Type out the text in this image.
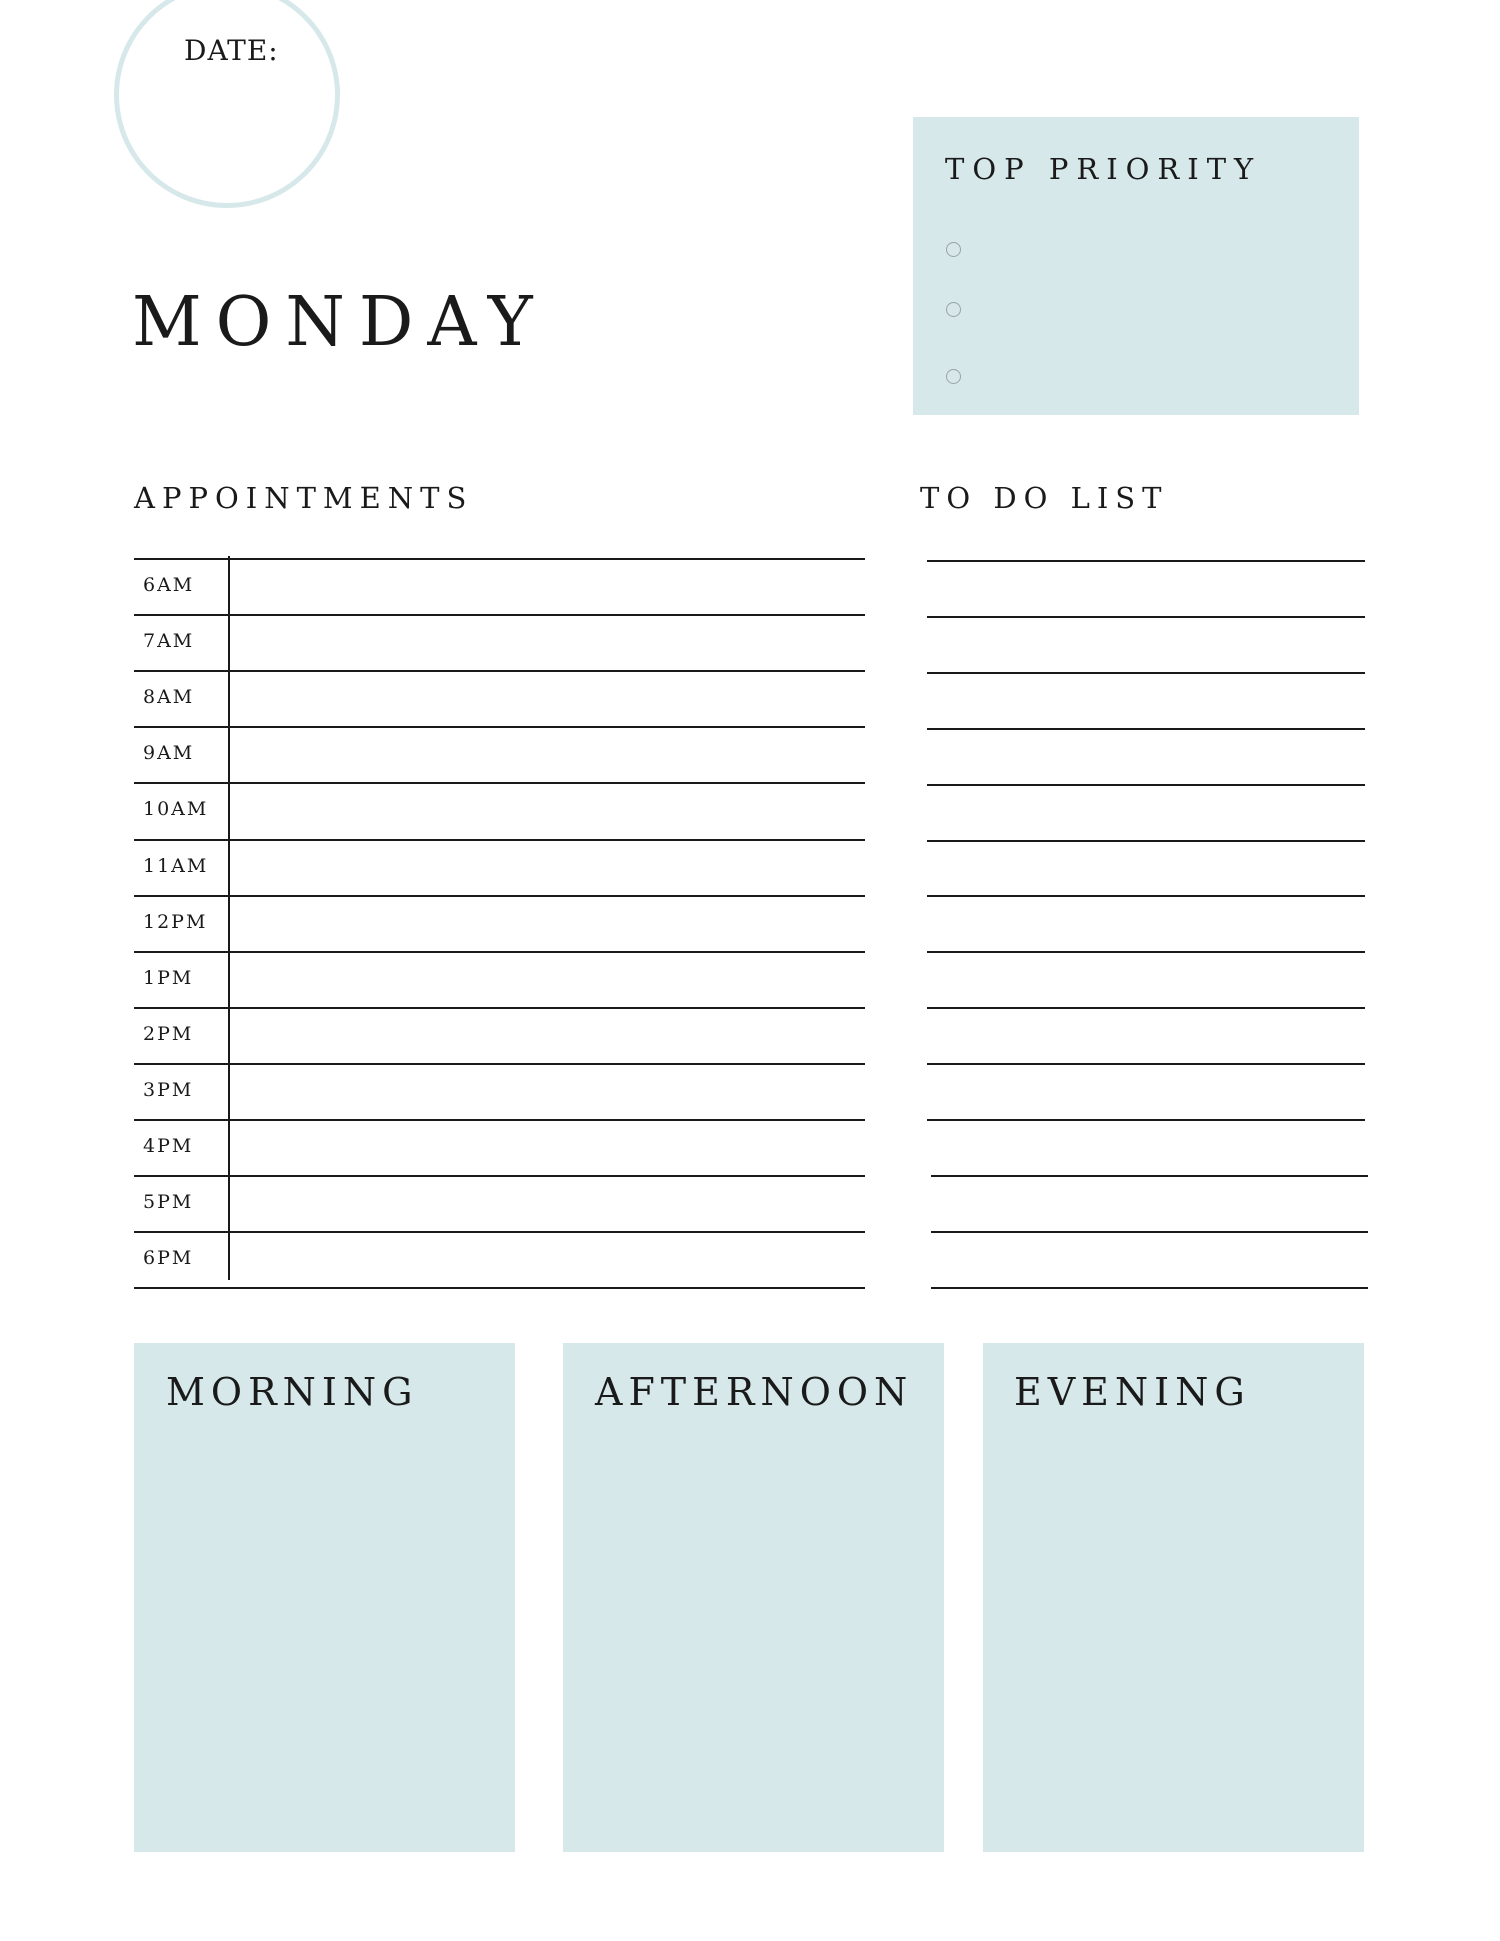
DATE:
MONDAY
TOP PRIORITY
APPOINTMENTS	TO DO LIST
6AM
7AM
8AM
9AM
10AM
11AM
12PM
1PM
2PM
3PM
4PM
5PM
6PM
MORNING	AFTERNOON	EVENING
